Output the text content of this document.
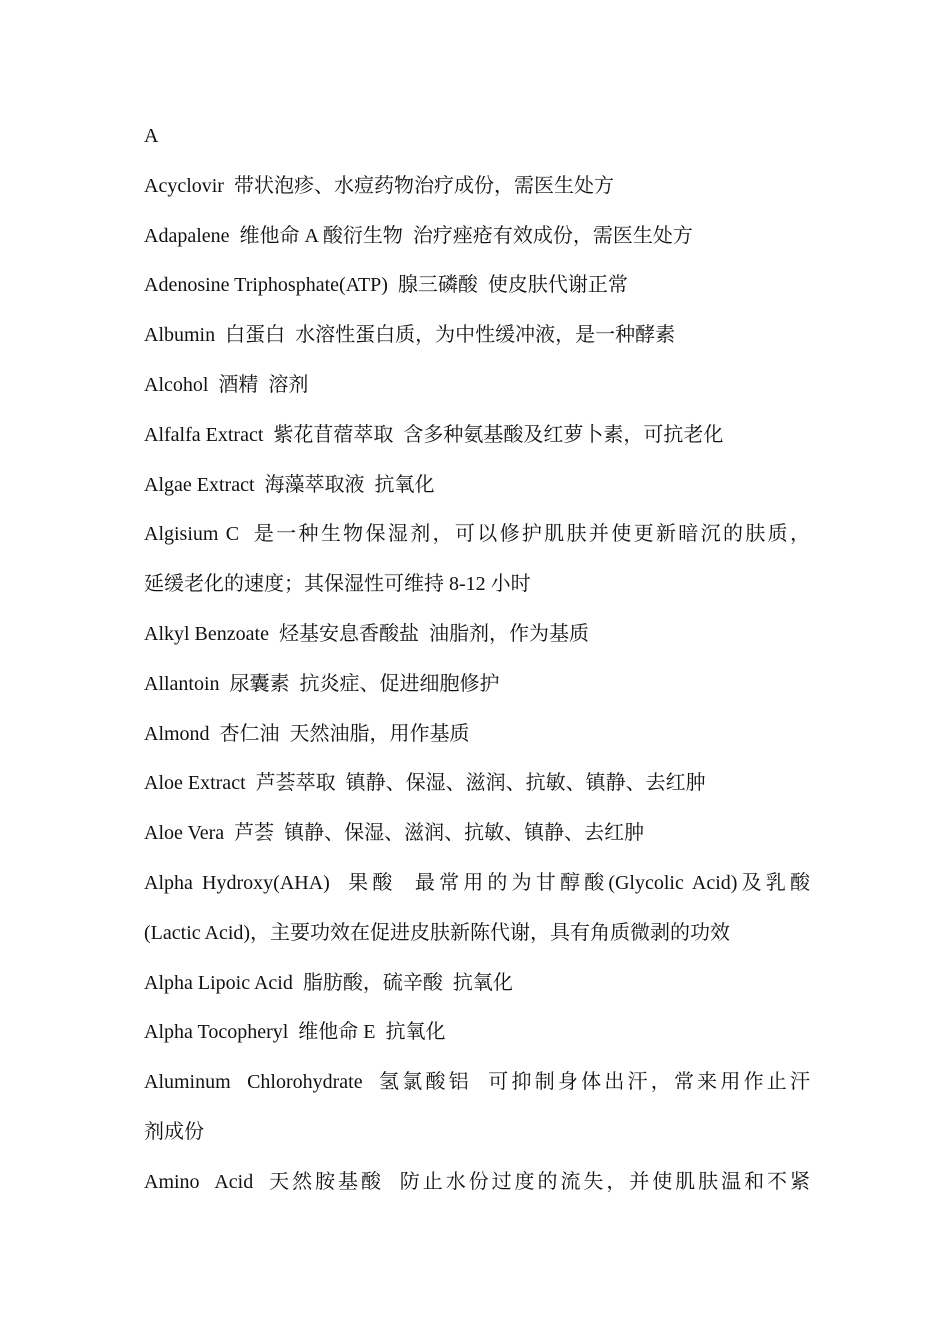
A
Acyclovir  带状泡疹、水痘药物治疗成份，需医生处方
Adapalene  维他命 A 酸衍生物  治疗痤疮有效成份，需医生处方
Adenosine Triphosphate(ATP)  腺三磷酸  使皮肤代谢正常
Albumin  白蛋白  水溶性蛋白质，为中性缓冲液，是一种酵素
Alcohol  酒精  溶剂
Alfalfa Extract  紫花苜蓿萃取  含多种氨基酸及红萝卜素，可抗老化
Algae Extract  海藻萃取液  抗氧化
Algisium C  是一种生物保湿剂，可以修护肌肤并使更新暗沉的肤质，
延缓老化的速度；其保湿性可维持 8-12 小时
Alkyl Benzoate  烃基安息香酸盐  油脂剂，作为基质
Allantoin  尿囊素  抗炎症、促进细胞修护
Almond  杏仁油  天然油脂，用作基质
Aloe Extract  芦荟萃取  镇静、保湿、滋润、抗敏、镇静、去红肿
Aloe Vera  芦荟  镇静、保湿、滋润、抗敏、镇静、去红肿
Alpha Hydroxy(AHA)  果酸  最常用的为甘醇酸(Glycolic Acid)及乳酸
(Lactic Acid)，主要功效在促进皮肤新陈代谢，具有角质微剥的功效
Alpha Lipoic Acid  脂肪酸，硫辛酸  抗氧化
Alpha Tocopheryl  维他命 E  抗氧化
Aluminum  Chlorohydrate  氢氯酸铝  可抑制身体出汗，常来用作止汗
剂成份
Amino  Acid  天然胺基酸  防止水份过度的流失，并使肌肤温和不紧
